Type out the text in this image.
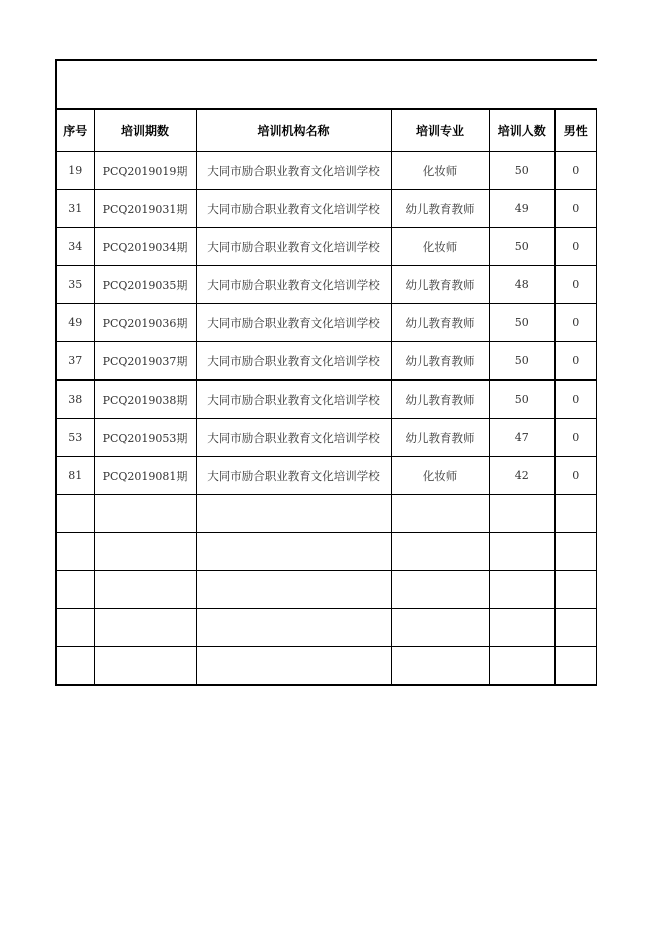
序号	培训期数	培训机构名称	培训专业	培训人数	男性
19	PCQ2019019期	大同市励合职业教育文化培训学校	化妆师	50	0
31	PCQ2019031期	大同市励合职业教育文化培训学校	幼儿教育教师	49	0
34	PCQ2019034期	大同市励合职业教育文化培训学校	化妆师	50	0
35	PCQ2019035期	大同市励合职业教育文化培训学校	幼儿教育教师	48	0
49	PCQ2019036期	大同市励合职业教育文化培训学校	幼儿教育教师	50	0
37	PCQ2019037期	大同市励合职业教育文化培训学校	幼儿教育教师	50	0
38	PCQ2019038期	大同市励合职业教育文化培训学校	幼儿教育教师	50	0
53	PCQ2019053期	大同市励合职业教育文化培训学校	幼儿教育教师	47	0
81	PCQ2019081期	大同市励合职业教育文化培训学校	化妆师	42	0
